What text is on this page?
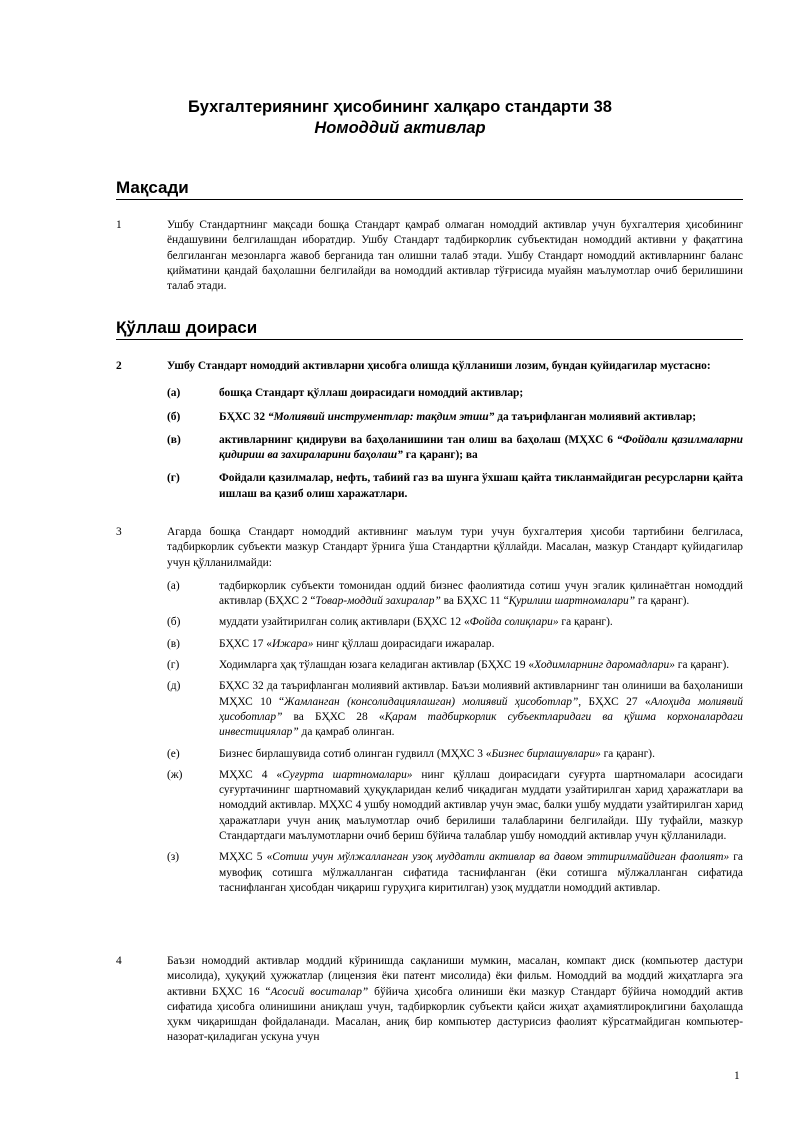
Бухгалтериянинг ҳисобининг халқаро стандарти 38
Номоддий активлар
Мақсади
1	Ушбу Стандартнинг мақсади бошқа Стандарт қамраб олмаган номоддий активлар учун бухгалтерия ҳисобининг ёндашувини белгилашдан иборатдир. Ушбу Стандарт тадбиркорлик субъектидан номоддий активни у фақатгина белгиланган мезонларга жавоб берганида тан олишни талаб этади. Ушбу Стандарт номоддий активларнинг баланс қийматини қандай баҳолашни белгилайди ва номоддий активлар тўғрисида муайян маълумотлар очиб берилишини талаб этади.
Қўллаш доираси
2	Ушбу Стандарт номоддий активларни ҳисобга олишда қўлланиши лозим, бундан қуйидагилар мустасно:
(а)	бошқа Стандарт қўллаш доирасидаги номоддий активлар;
(б)	БҲХС 32 “Молиявий инструментлар: тақдим этиш” да таърифланган молиявий активлар;
(в)	активларнинг қидируви ва баҳоланишини тан олиш ва баҳолаш (МҲХС 6 “Фойдали қазилмаларни қидириш ва захираларини баҳолаш” га қаранг); ва
(г)	Фойдали қазилмалар, нефть, табиий газ ва шунга ўхшаш қайта тикланмайдиган ресурсларни қайта ишлаш ва қазиб олиш харажатлари.
3	Агарда бошқа Стандарт номоддий активнинг маълум тури учун бухгалтерия ҳисоби тартибини белгиласа, тадбиркорлик субъекти мазкур Стандарт ўрнига ўша Стандартни қўллайди. Масалан, мазкур Стандарт қуйидагилар учун қўлланилмайди:
(а)	тадбиркорлик субъекти томонидан оддий бизнес фаолиятида сотиш учун эгалик қилинаётган номоддий активлар (БҲХС 2 “Товар-моддий захиралар” ва БҲХС 11 “Қурилиш шартномалари” га қаранг).
(б)	муддати узайтирилган солиқ активлари (БҲХС 12 «Фойда солиқлари» га қаранг).
(в)	БҲХС 17 «Ижара» нинг қўллаш доирасидаги ижаралар.
(г)	Ходимларга ҳақ тўлашдан юзага келадиган активлар (БҲХС 19 «Ходимларнинг даромадлари» га қаранг).
(д)	БҲХС 32 да таърифланган молиявий активлар. Баъзи молиявий активларнинг тан олиниши ва баҳоланиши МҲХС 10 “Жамланган (консолидациялашган) молиявий ҳисоботлар”, БҲХС 27 «Алоҳида молиявий ҳисоботлар” ва БҲХС 28 «Қарам тадбиркорлик субъектларидаги ва қўшма корхоналардаги инвестициялар” да қамраб олинган.
(е)	Бизнес бирлашувида сотиб олинган гудвилл (МҲХС 3 «Бизнес бирлашувлари» га қаранг).
(ж)	МҲХС 4 «Суғурта шартномалари» нинг қўллаш доирасидаги суғурта шартномалари асосидаги суғуртачининг шартномавий ҳуқуқларидан келиб чиқадиган муддати узайтирилган харид ҳаражатлари ва номоддий активлар. МҲХС 4 ушбу номоддий активлар учун эмас, балки ушбу муддати узайтирилган харид ҳаражатлари учун аниқ маълумотлар очиб берилиши талабларини белгилайди. Шу туфайли, мазкур Стандартдаги маълумотларни очиб бериш бўйича талаблар ушбу номоддий активлар учун қўлланилади.
(з)	МҲХС 5 «Сотиш учун мўлжалланган узоқ муддатли активлар ва давом эттирилмайдиган фаолият» га мувофиқ сотишга мўлжалланган сифатида таснифланган (ёки сотишга мўлжалланган сифатида таснифланган ҳисобдан чиқариш гуруҳига киритилган) узоқ муддатли номоддий активлар.
4	Баъзи номоддий активлар моддий кўринишда сақланиши мумкин, масалан, компакт диск (компьютер дастури мисолида), ҳуқуқий ҳужжатлар (лицензия ёки патент мисолида) ёки фильм. Номоддий ва моддий жиҳатларга эга активни БҲХС 16 “Асосий воситалар” бўйича ҳисобга олиниши ёки мазкур Стандарт бўйича номоддий актив сифатида ҳисобга олинишини аниқлаш учун, тадбиркорлик субъекти қайси жиҳат аҳамиятлироқлигини баҳолашда ҳукм чиқаришдан фойдаланади. Масалан, аниқ бир компьютер дастурисиз фаолият кўрсатмайдиган компьютер-назорат-қиладиган ускуна учун
1
